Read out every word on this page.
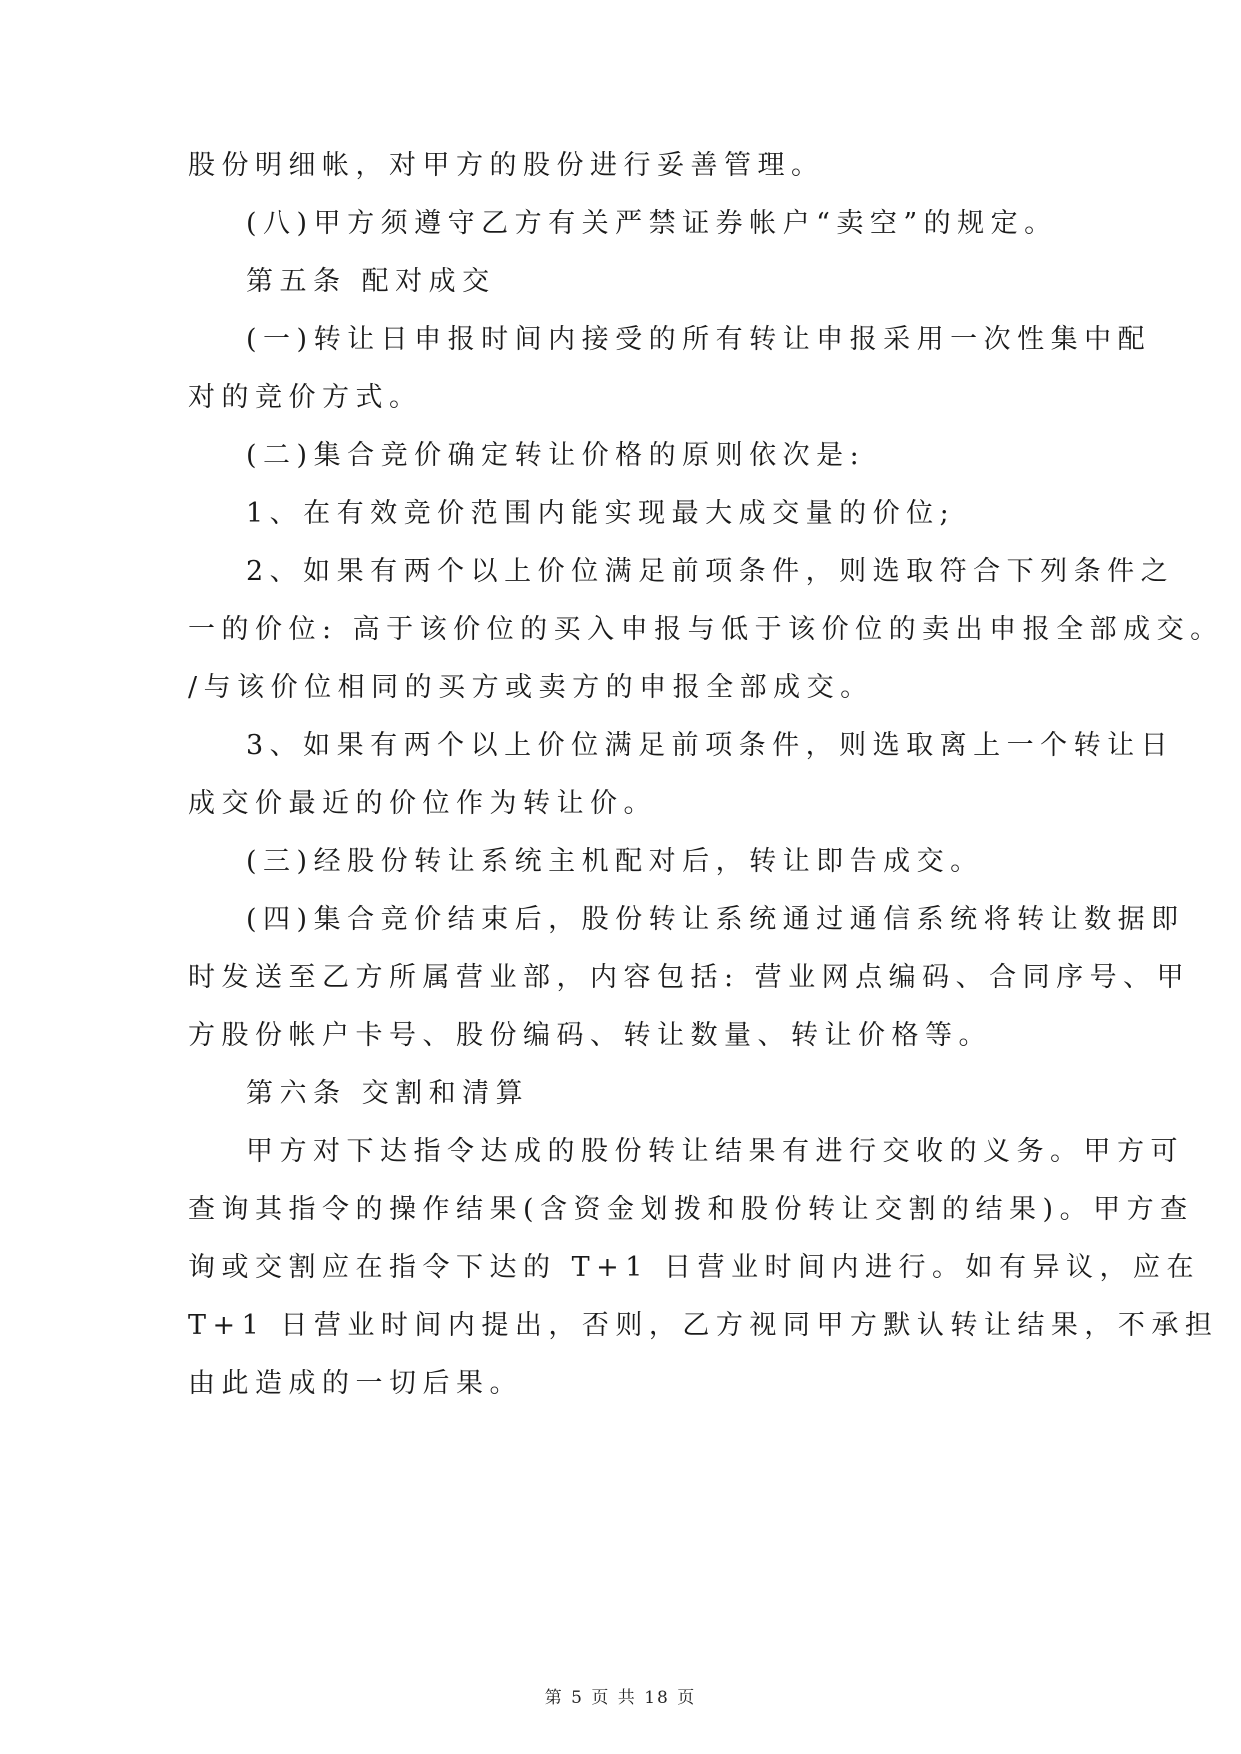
股份明细帐，对甲方的股份进行妥善管理。
(八)甲方须遵守乙方有关严禁证券帐户“卖空”的规定。
第五条 配对成交
(一)转让日申报时间内接受的所有转让申报采用一次性集中配
对的竞价方式。
(二)集合竞价确定转让价格的原则依次是:
1、在有效竞价范围内能实现最大成交量的价位;
2、如果有两个以上价位满足前项条件，则选取符合下列条件之
一的价位: 高于该价位的买入申报与低于该价位的卖出申报全部成交。
/与该价位相同的买方或卖方的申报全部成交。
3、如果有两个以上价位满足前项条件，则选取离上一个转让日
成交价最近的价位作为转让价。
(三)经股份转让系统主机配对后，转让即告成交。
(四)集合竞价结束后，股份转让系统通过通信系统将转让数据即
时发送至乙方所属营业部，内容包括: 营业网点编码、合同序号、甲
方股份帐户卡号、股份编码、转让数量、转让价格等。
第六条 交割和清算
甲方对下达指令达成的股份转让结果有进行交收的义务。甲方可
查询其指令的操作结果(含资金划拨和股份转让交割的结果)。甲方查
询或交割应在指令下达的 T+1 日营业时间内进行。如有异议，应在
T+1 日营业时间内提出，否则，乙方视同甲方默认转让结果，不承担
由此造成的一切后果。
第 5 页 共 18 页
